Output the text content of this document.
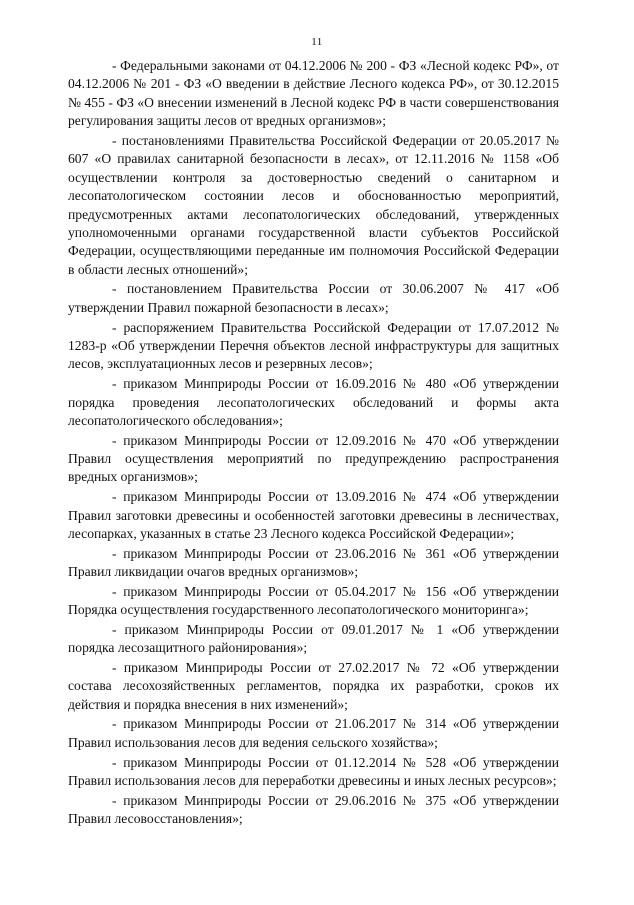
11

- Федеральными законами от 04.12.2006 № 200 - ФЗ «Лесной кодекс РФ», от 04.12.2006 № 201 - ФЗ «О введении в действие Лесного кодекса РФ», от 30.12.2015 № 455 - ФЗ «О внесении изменений в Лесной кодекс РФ в части совершенствования регулирования защиты лесов от вредных организмов»;

- постановлениями Правительства Российской Федерации от 20.05.2017 № 607 «О правилах санитарной безопасности в лесах», от 12.11.2016 № 1158 «Об осуществлении контроля за достоверностью сведений о санитарном и лесопатологическом состоянии лесов и обоснованностью мероприятий, предусмотренных актами лесопатологических обследований, утвержденных уполномоченными органами государственной власти субъектов Российской Федерации, осуществляющими переданные им полномочия Российской Федерации в области лесных отношений»;

- постановлением Правительства России от 30.06.2007 № 417 «Об утверждении Правил пожарной безопасности в лесах»;

- распоряжением Правительства Российской Федерации от 17.07.2012 № 1283-р «Об утверждении Перечня объектов лесной инфраструктуры для защитных лесов, эксплуатационных лесов и резервных лесов»;

- приказом Минприроды России от 16.09.2016 № 480 «Об утверждении порядка проведения лесопатологических обследований и формы акта лесопатологического обследования»;

- приказом Минприроды России от 12.09.2016 № 470 «Об утверждении Правил осуществления мероприятий по предупреждению распространения вредных организмов»;

- приказом Минприроды России от 13.09.2016 № 474 «Об утверждении Правил заготовки древесины и особенностей заготовки древесины в лесничествах, лесопарках, указанных в статье 23 Лесного кодекса Российской Федерации»;

- приказом Минприроды России от 23.06.2016 № 361 «Об утверждении Правил ликвидации очагов вредных организмов»;

- приказом Минприроды России от 05.04.2017 № 156 «Об утверждении Порядка осуществления государственного лесопатологического мониторинга»;

- приказом Минприроды России от 09.01.2017 № 1 «Об утверждении порядка лесозащитного районирования»;

- приказом Минприроды России от 27.02.2017 № 72 «Об утверждении состава лесохозяйственных регламентов, порядка их разработки, сроков их действия и порядка внесения в них изменений»;

- приказом Минприроды России от 21.06.2017 № 314 «Об утверждении Правил использования лесов для ведения сельского хозяйства»;

- приказом Минприроды России от 01.12.2014 № 528 «Об утверждении Правил использования лесов для переработки древесины и иных лесных ресурсов»;

- приказом Минприроды России от 29.06.2016 № 375 «Об утверждении Правил лесовосстановления»;
